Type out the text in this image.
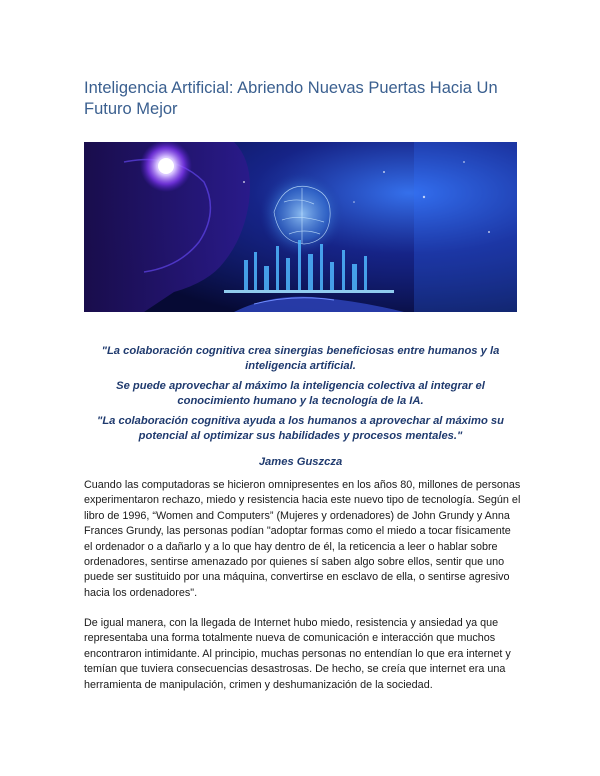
Inteligencia Artificial: Abriendo Nuevas Puertas Hacia Un Futuro Mejor

"La colaboración cognitiva crea sinergias beneficiosas entre humanos y la inteligencia artificial.

Se puede aprovechar al máximo la inteligencia colectiva al integrar el conocimiento humano y la tecnología de la IA.

"La colaboración cognitiva ayuda a los humanos a aprovechar al máximo su potencial al optimizar sus habilidades y procesos mentales."

James Guszcza

Cuando las computadoras se hicieron omnipresentes en los años 80, millones de personas experimentaron rechazo, miedo y resistencia hacia este nuevo tipo de tecnología. Según el libro de 1996, “Women and Computers” (Mujeres y ordenadores) de John Grundy y Anna Frances Grundy, las personas podían "adoptar formas como el miedo a tocar físicamente el ordenador o a dañarlo y a lo que hay dentro de él, la reticencia a leer o hablar sobre ordenadores, sentirse amenazado por quienes sí saben algo sobre ellos, sentir que uno puede ser sustituido por una máquina, convertirse en esclavo de ella, o sentirse agresivo hacia los ordenadores".

De igual manera, con la llegada de Internet hubo miedo, resistencia y ansiedad ya que representaba una forma totalmente nueva de comunicación e interacción que muchos encontraron intimidante. Al principio, muchas personas no entendían lo que era internet y temían que tuviera consecuencias desastrosas. De hecho, se creía que internet era una herramienta de manipulación, crimen y deshumanización de la sociedad.
